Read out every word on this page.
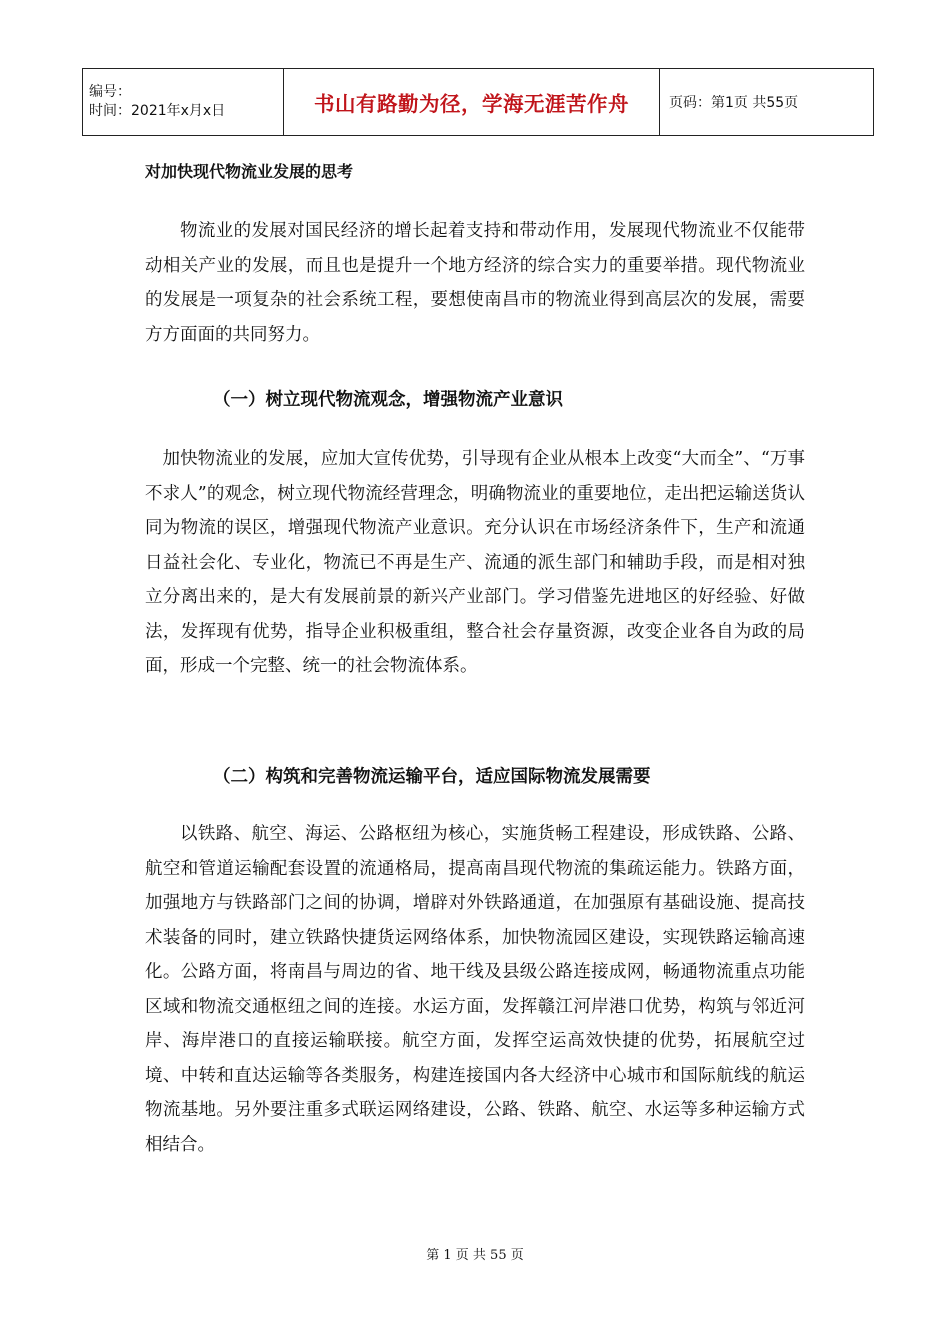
编号：
时间：2021年x月x日	书山有路勤为径，学海无涯苦作舟	页码：第1页 共55页
对加快现代物流业发展的思考

物流业的发展对国民经济的增长起着支持和带动作用，发展现代物流业不仅能带动相关产业的发展，而且也是提升一个地方经济的综合实力的重要举措。现代物流业的发展是一项复杂的社会系统工程，要想使南昌市的物流业得到高层次的发展，需要方方面面的共同努力。

（一）树立现代物流观念，增强物流产业意识

加快物流业的发展，应加大宣传优势，引导现有企业从根本上改变“大而全”、“万事不求人”的观念，树立现代物流经营理念，明确物流业的重要地位，走出把运输送货认同为物流的误区，增强现代物流产业意识。充分认识在市场经济条件下，生产和流通日益社会化、专业化，物流已不再是生产、流通的派生部门和辅助手段，而是相对独立分离出来的，是大有发展前景的新兴产业部门。学习借鉴先进地区的好经验、好做法，发挥现有优势，指导企业积极重组，整合社会存量资源，改变企业各自为政的局面，形成一个完整、统一的社会物流体系。

（二）构筑和完善物流运输平台，适应国际物流发展需要

以铁路、航空、海运、公路枢纽为核心，实施货畅工程建设，形成铁路、公路、航空和管道运输配套设置的流通格局，提高南昌现代物流的集疏运能力。铁路方面，加强地方与铁路部门之间的协调，增辟对外铁路通道，在加强原有基础设施、提高技术装备的同时，建立铁路快捷货运网络体系，加快物流园区建设，实现铁路运输高速化。公路方面，将南昌与周边的省、地干线及县级公路连接成网，畅通物流重点功能区域和物流交通枢纽之间的连接。水运方面，发挥赣江河岸港口优势，构筑与邻近河岸、海岸港口的直接运输联接。航空方面，发挥空运高效快捷的优势，拓展航空过境、中转和直达运输等各类服务，构建连接国内各大经济中心城市和国际航线的航运物流基地。另外要注重多式联运网络建设，公路、铁路、航空、水运等多种运输方式相结合。

第 1 页 共 55 页
